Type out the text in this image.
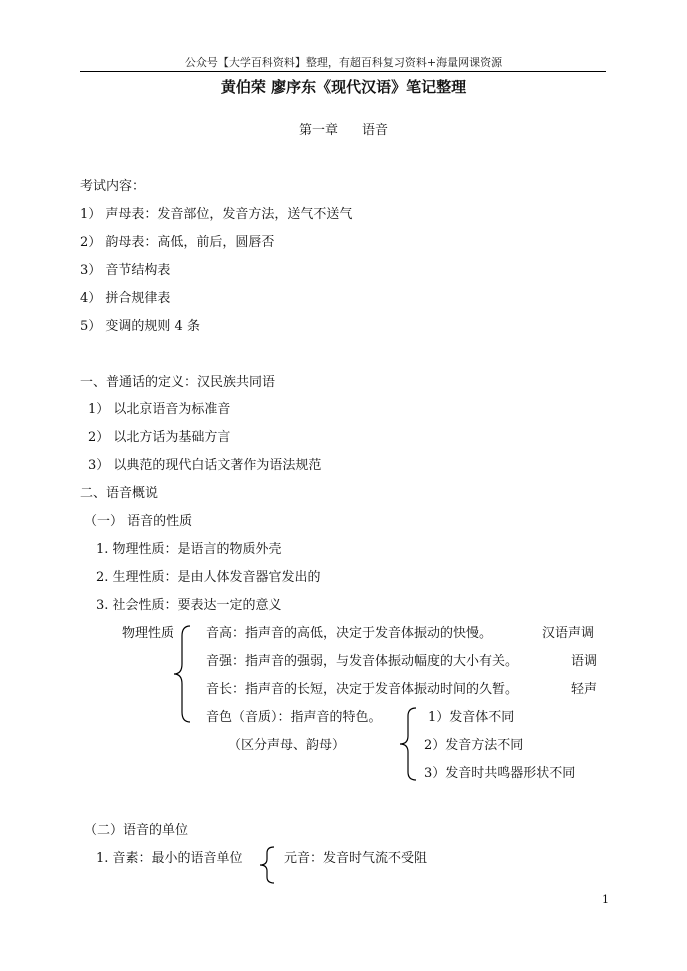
公众号【大学百科资料】整理，有超百科复习资料+海量网课资源
黄伯荣 廖序东《现代汉语》笔记整理
第一章 语音
考试内容：
1） 声母表：发音部位，发音方法，送气不送气
2） 韵母表：高低，前后，圆唇否
3） 音节结构表
4） 拼合规律表
5） 变调的规则 4 条
一、普通话的定义：汉民族共同语
1） 以北京语音为标准音
2） 以北方话为基础方言
3） 以典范的现代白话文著作为语法规范
二、语音概说
（一） 语音的性质
1. 物理性质：是语言的物质外壳
2. 生理性质：是由人体发音器官发出的
3. 社会性质：要表达一定的意义
物理性质 音高：指声音的高低，决定于发音体振动的快慢。	汉语声调
音强：指声音的强弱，与发音体振动幅度的大小有关。	语调
音长：指声音的长短，决定于发音体振动时间的久暂。	轻声
音色（音质）：指声音的特色。	1）发音体不同
（区分声母、韵母）	2）发音方法不同
3）发音时共鸣器形状不同
（二）语音的单位
1. 音素：最小的语音单位	元音：发音时气流不受阻
1
